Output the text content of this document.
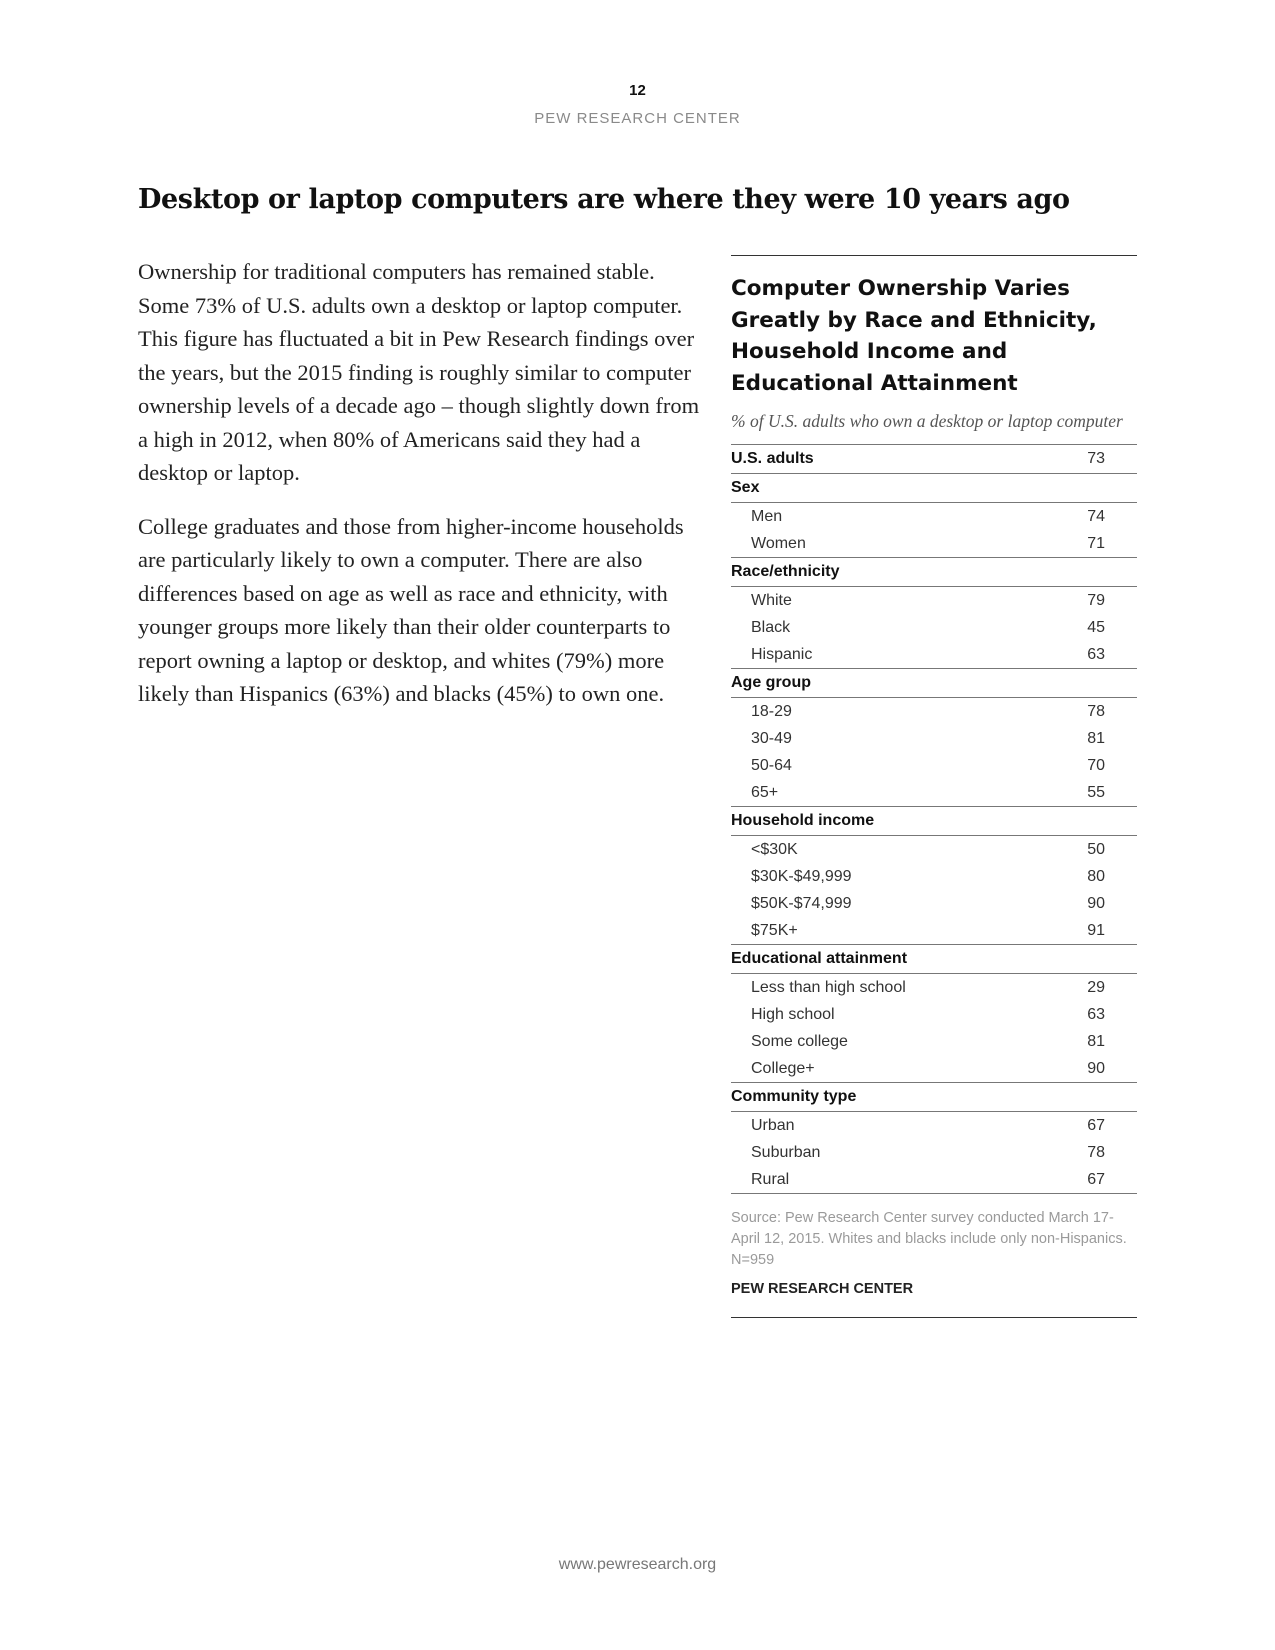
12
PEW RESEARCH CENTER
Desktop or laptop computers are where they were 10 years ago

Ownership for traditional computers has remained stable. Some 73% of U.S. adults own a desktop or laptop computer. This figure has fluctuated a bit in Pew Research findings over the years, but the 2015 finding is roughly similar to computer ownership levels of a decade ago – though slightly down from a high in 2012, when 80% of Americans said they had a desktop or laptop.

College graduates and those from higher-income households are particularly likely to own a computer. There are also differences based on age as well as race and ethnicity, with younger groups more likely than their older counterparts to report owning a laptop or desktop, and whites (79%) more likely than Hispanics (63%) and blacks (45%) to own one.

Computer Ownership Varies Greatly by Race and Ethnicity, Household Income and Educational Attainment
% of U.S. adults who own a desktop or laptop computer
U.S. adults	73
Sex
Men	74
Women	71
Race/ethnicity
White	79
Black	45
Hispanic	63
Age group
18-29	78
30-49	81
50-64	70
65+	55
Household income
<$30K	50
$30K-$49,999	80
$50K-$74,999	90
$75K+	91
Educational attainment
Less than high school	29
High school	63
Some college	81
College+	90
Community type
Urban	67
Suburban	78
Rural	67
Source: Pew Research Center survey conducted March 17-April 12, 2015. Whites and blacks include only non-Hispanics. N=959
PEW RESEARCH CENTER
www.pewresearch.org
